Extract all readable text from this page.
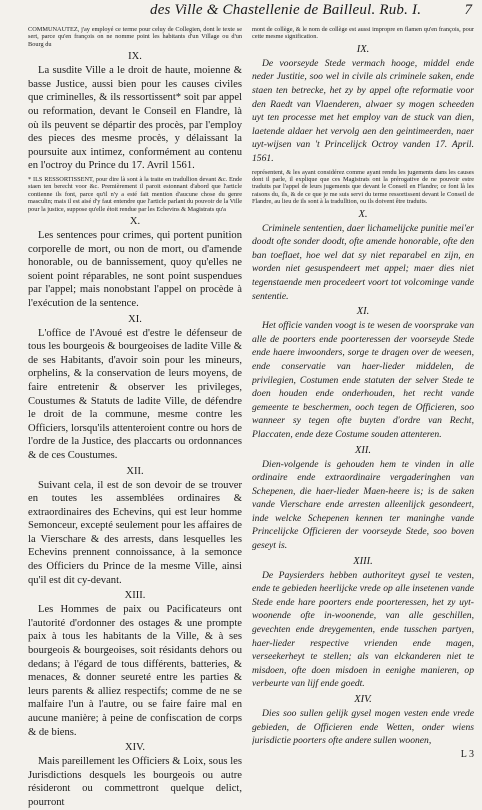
des Ville & Chastellenie de Bailleul. Rub. I.	7

COMMUNAUTEZ, j'ay employé ce terme pour celuy de Collegien, dont le texte se sert, parce qu'en françois on ne nomme point les habitants d'un Village ou d'un Bourg du

IX.

La susdite Ville a le droit de haute, moienne & basse Justice, aussi bien pour les causes civiles que criminelles, & ils ressortissent* soit par appel ou reformation, devant le Conseil en Flandre, là où ils peuvent se départir des procès, par l'employ des pieces des mesme procès, y délaissant la poursuite aux intimez, conformément au contenu en l'octroy du Prince du 17. Avril 1561.

* ILS RESSORTISSENT, pour dire là sont à la traite en tradullion devant &c. Ende staen ten berecht voor &c. Premièrement il paroit estonnant d'abord que l'article contienne ils font, parce qu'il n'y a esté fait mention d'aucune chose du genre masculin; mais il est aisé d'y faut entendre que l'article parlant du pouvoir de la Ville pour la justice, suppose qu'elle étoit rendue par les Echevins & Magistrats qu'a

X.

Les sentences pour crimes, qui portent punition corporelle de mort, ou non de mort, ou d'amende honorable, ou de bannissement, quoy qu'elles ne soient point réparables, ne sont point suspendues par l'appel; mais nonobstant l'appel on procède à l'exécution de la sentence.

XI.

L'office de l'Avoué est d'estre le défenseur de tous les bourgeois & bourgeoises de ladite Ville & de ses Habitants, d'avoir soin pour les mineurs, orphelins, & la conservation de leurs moyens, de faire entretenir & observer les privileges, Coustumes & Statuts de ladite Ville, de défendre le droit de la commune, mesme contre les Officiers, lorsqu'ils attenteroient contre ou hors de l'ordre de la Justice, des placcarts ou ordonnances & de ces Coustumes.

XII.

Suivant cela, il est de son devoir de se trouver en toutes les assemblées ordinaires & extraordinaires des Echevins, qui est leur homme Semonceur, excepté seulement pour les affaires de la Vierschare & des arrests, dans lesquelles les Echevins prennent connoissance, à la semonce des Officiers du Prince de la mesme Ville, ainsi qu'il est dit cy-devant.

XIII.

Les Hommes de paix ou Pacificateurs ont l'autorité d'ordonner des ostages & une prompte paix à tous les habitants de la Ville, & à ses bourgeois & bourgeoises, soit résidants dehors ou dedans; à l'égard de tous différents, batteries, & menaces, & donner seureté entre les parties & leurs parents & alliez respectifs; comme de ne se malfaire l'un à l'autre, ou se faire faire mal en aucune manière; à peine de confiscation de corps & de biens.

XIV.

Mais pareillement les Officiers & Loix, sous les Jurisdictions desquels les bourgeois ou autre résideront ou commettront quelque delict, pourront

mont de collège, & le nom de collège est aussi impropre en flamen qu'en françois, pour cette mesme signification.

IX.

De voorseyde Stede vermach hooge, middel ende neder Justitie, soo wel in civile als criminele saken, ende staen ten betrecke, het zy by appel ofte reformatie voor den Raedt van Vlaenderen, alwaer sy mogen scheeden uyt ten processe met het employ van de stuck van dien, laetende aldaer het vervolg aen den geintimeerden, naer uyt-wijsen van 't Princelijck Octroy vanden 17. April. 1561.

représentent, & les ayant considérez comme ayant rendu les jugements dans les causes dont il parle, il explique que ces Magistrats ont la prérogative de ne pouvoir estre traduits par l'appel de leurs jugements que devant le Conseil en Flandre; ce font là les raisons du, ils, & de ce que je me suis servi du terme ressortissent devant le Conseil de Flandre, au lieu de ils sont à la tradulltion, ou ils doivent être traduits.

X.

Criminele sententien, daer lichamelijcke punitie mei'er doodt ofte sonder doodt, ofte amende honorable, ofte den ban toeflaet, hoe wel dat sy niet reparabel en zijn, en worden niet gesuspendeert met appel; maer dies niet tegenstaende men procedeert voort tot volcominge vande sententie.

XI.

Het officie vanden voogt is te wesen de voorsprake van alle de poorters ende poorteressen der voorseyde Stede ende haere inwoonders, sorge te dragen over de weesen, ende conservatie van haer-lieder middelen, de privilegien, Costumen ende statuten der selver Stede te doen houden ende onderhouden, het recht vande gemeente te beschermen, ooch tegen de Officieren, soo wanneer sy tegen ofte buyten d'ordre van Recht, Placcaten, ende deze Costume souden attenteren.

XII.

Dien-volgende is gehouden hem te vinden in alle ordinaire ende extraordinaire vergaderinghen van Schepenen, die haer-lieder Maen-heere is; is de saken vande Vierschare ende arresten alleenlijck gesondeert, inde welcke Schepenen kennen ter maninghe vande Princelijcke Officieren der voorseyde Stede, soo boven geseyt is.

XIII.

De Paysierders hebben authoriteyt gysel te vesten, ende te gebieden heerlijcke vrede op alle insetenen vande Stede ende hare poorters ende poorteressen, het zy uyt-woonende ofte in-woonende, van alle geschillen, gevechten ende dreygementen, ende tusschen partyen, haer-lieder respective vrienden ende magen, verseekerheyt te stellen; als van elckanderen niet te misdoen, ofte doen misdoen in eenighe manieren, op verbeurte van lijf ende goedt.

XIV.

Dies soo sullen gelijk gysel mogen vesten ende vrede gebieden, de Officieren ende Wetten, onder wiens jurisdictie poorters ofte andere sullen woonen,

L 3
